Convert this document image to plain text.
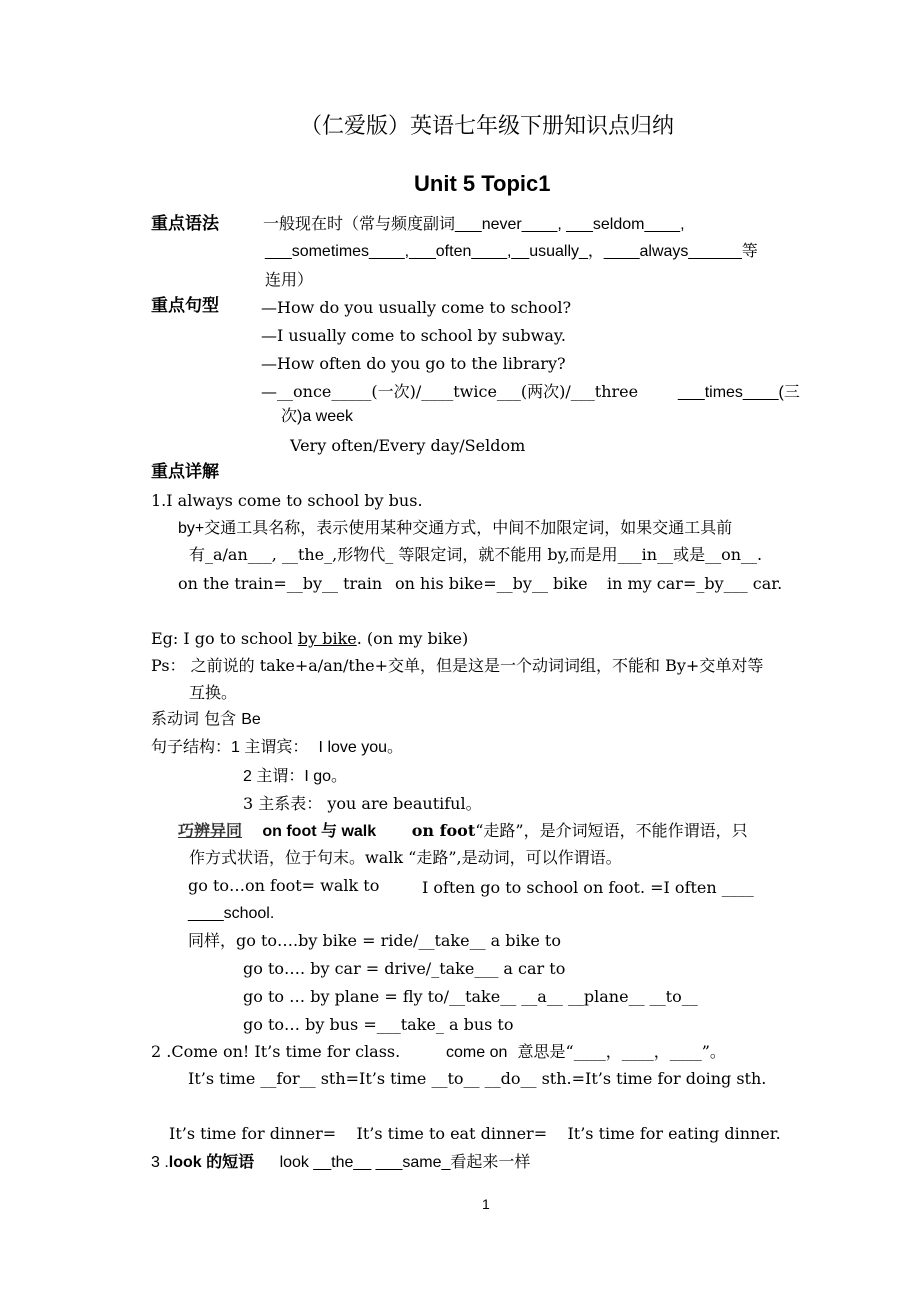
（仁爱版）英语七年级下册知识点归纳
Unit 5 Topic1
重点语法	一般现在时（常与频度副词___never____, ___seldom____,
___sometimes____,___often____,__usually_，____always______等
连用）
重点句型	—How do you usually come to school?
—I usually come to school by subway.
—How often do you go to the library?
—__once_____(一次)/____twice___(两次)/___three ___times____(三
次)a week
Very often/Every day/Seldom
重点详解
1.I always come to school by bus.
by+交通工具名称，表示使用某种交通方式，中间不加限定词，如果交通工具前
有_a/an___, __the_,形物代_ 等限定词，就不能用 by,而是用___in__或是__on__.
on the train=__by__ train on his bike=__by__ bike in my car=_by___ car.
Eg: I go to school by bike. (on my bike)
Ps： 之前说的 take+a/an/the+交单，但是这是一个动词词组，不能和 By+交单对等
互换。
系动词 包含 Be
句子结构：1 主谓宾： I love you。
2 主谓：I go。
3 主系表： you are beautiful。
巧辨异同 on foot 与 walk on foot“走路”，是介词短语，不能作谓语，只
作方式状语，位于句末。walk “走路”,是动词，可以作谓语。
go to…on foot= walk to	I often go to school on foot. =I often ____
____school.
同样，go to….by bike = ride/__take__ a bike to
go to…. by car = drive/_take___ a car to
go to … by plane = fly to/__take__ __a__ __plane__ __to__
go to… by bus =___take_ a bus to
2 .Come on! It’s time for class.	come on 意思是“____，____，____”。
It’s time __for__ sth=It’s time __to__ __do__ sth.=It’s time for doing sth.
It’s time for dinner=    It’s time to eat dinner=    It’s time for eating dinner.
3 .look 的短语 look __the__ ___same_看起来一样
1
